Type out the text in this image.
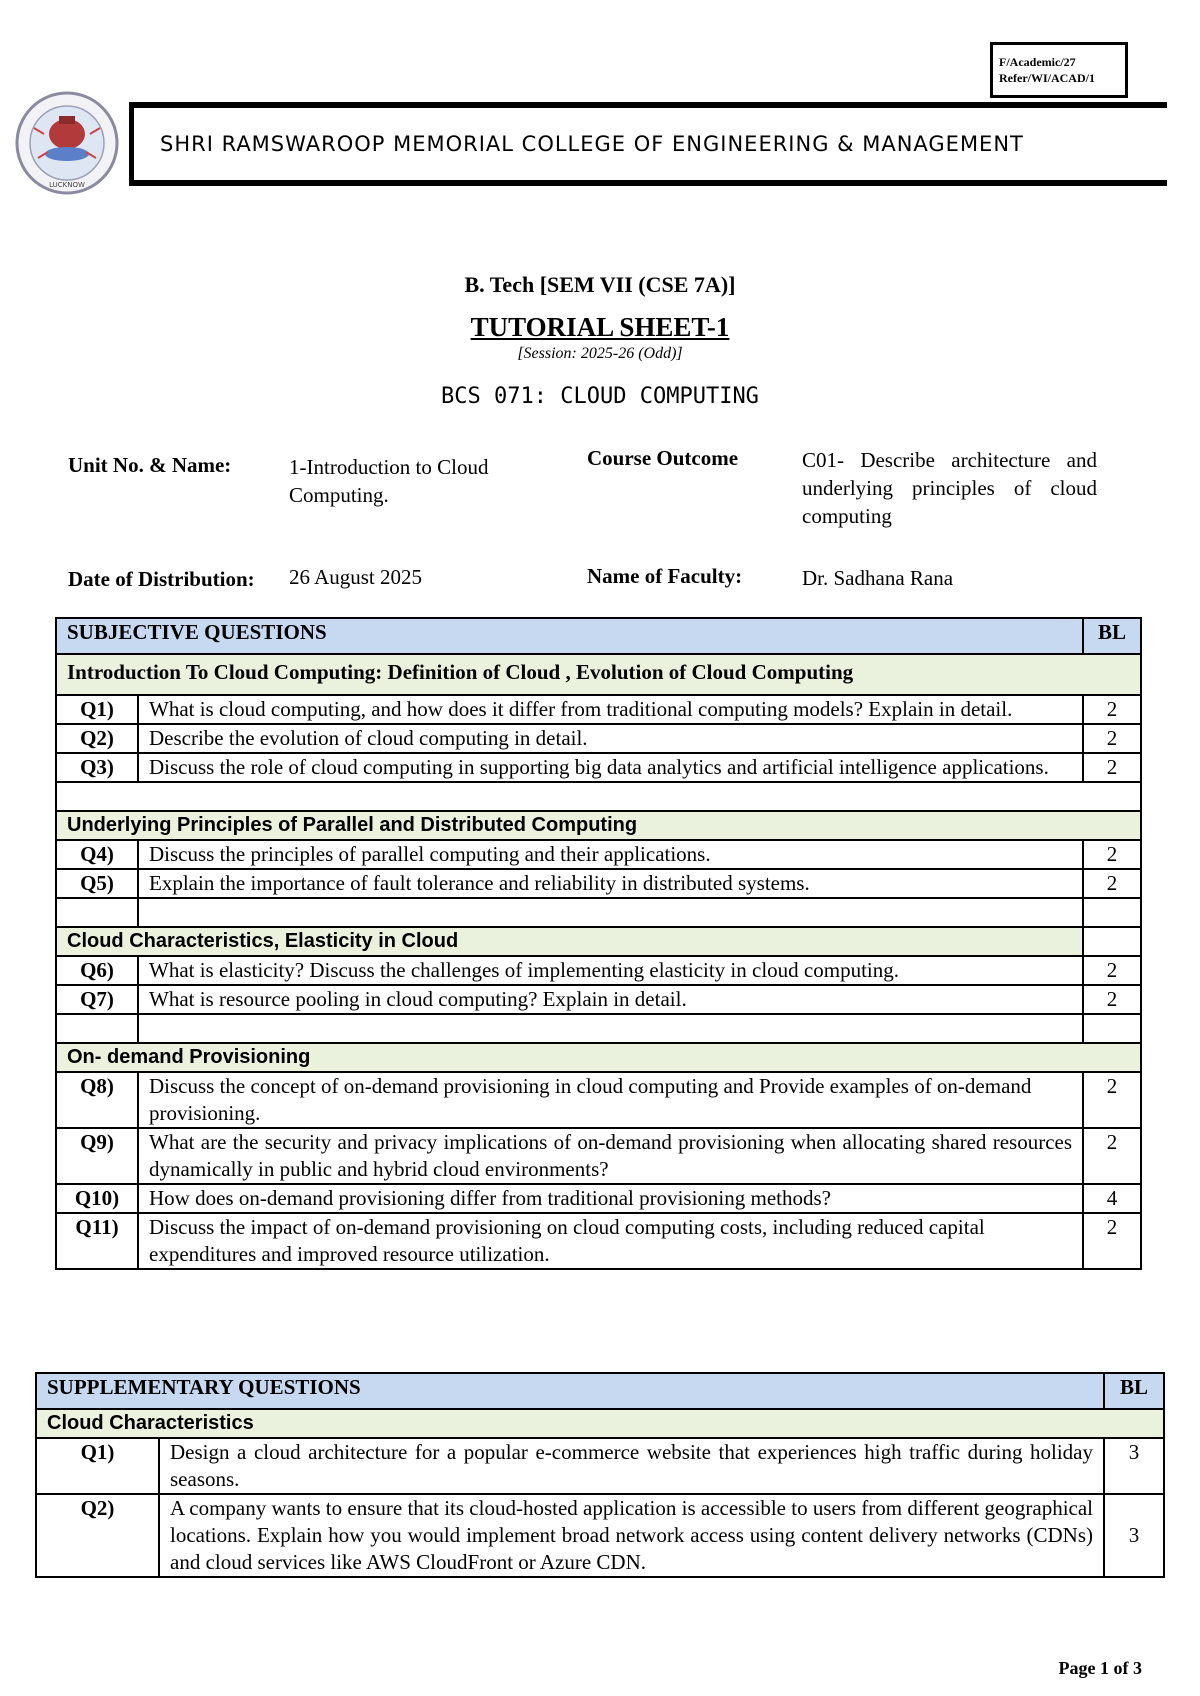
F/Academic/27
Refer/WI/ACAD/1
LUCKNOW
SHRI RAMSWAROOP MEMORIAL COLLEGE OF ENGINEERING & MANAGEMENT
B. Tech [SEM VII (CSE 7A)]
TUTORIAL SHEET-1
[Session: 2025-26 (Odd)]
BCS 071: CLOUD COMPUTING
Unit No. & Name:	1-Introduction to Cloud Computing.
Course Outcome	C01- Describe architecture and underlying principles of cloud computing
Date of Distribution: 26 August 2025	Name of Faculty:	Dr. Sadhana Rana
SUBJECTIVE QUESTIONS		BL
Introduction To Cloud Computing: Definition of Cloud , Evolution of Cloud Computing		
Q1)	What is cloud computing, and how does it differ from traditional computing models? Explain in detail.	2
Q2)	Describe the evolution of cloud computing in detail.	2
Q3)	Discuss the role of cloud computing in supporting big data analytics and artificial intelligence applications.	2

Underlying Principles of Parallel and Distributed Computing		
Q4)	Discuss the principles of parallel computing and their applications.	2
Q5)	Explain the importance of fault tolerance and reliability in distributed systems.	2

Cloud Characteristics, Elasticity in Cloud		
Q6)	What is elasticity? Discuss the challenges of implementing elasticity in cloud computing.	2
Q7)	What is resource pooling in cloud computing? Explain in detail.	2

On- demand Provisioning		
Q8)	Discuss the concept of on-demand provisioning in cloud computing and Provide examples of on-demand provisioning.	2
Q9)	What are the security and privacy implications of on-demand provisioning when allocating shared resources dynamically in public and hybrid cloud environments?	2
Q10)	How does on-demand provisioning differ from traditional provisioning methods?	4
Q11)	Discuss the impact of on-demand provisioning on cloud computing costs, including reduced capital expenditures and improved resource utilization.	2
SUPPLEMENTARY QUESTIONS		BL
Cloud Characteristics		
Q1)	Design a cloud architecture for a popular e-commerce website that experiences high traffic during holiday seasons.	3
Q2)	A company wants to ensure that its cloud-hosted application is accessible to users from different geographical locations. Explain how you would implement broad network access using content delivery networks (CDNs) and cloud services like AWS CloudFront or Azure CDN.	3
Page 1 of 3
